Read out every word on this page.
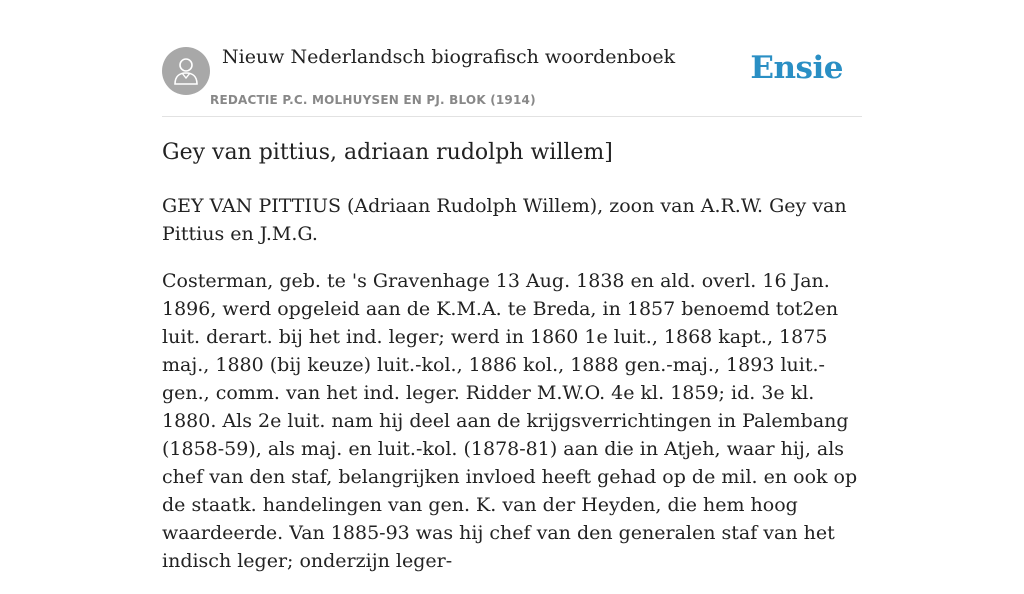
Nieuw Nederlandsch biografisch woordenboek
REDACTIE P.C. MOLHUYSEN EN PJ. BLOK (1914)
Ensie
Gey van pittius, adriaan rudolph willem]

GEY VAN PITTIUS (Adriaan Rudolph Willem), zoon van A.R.W. Gey van Pittius en J.M.G.

Costerman, geb. te 's Gravenhage 13 Aug. 1838 en ald. overl. 16 Jan. 1896, werd opgeleid aan de K.M.A. te Breda, in 1857 benoemd tot2en luit. derart. bij het ind. leger; werd in 1860 1e luit., 1868 kapt., 1875 maj., 1880 (bij keuze) luit.-kol., 1886 kol., 1888 gen.-maj., 1893 luit.-gen., comm. van het ind. leger. Ridder M.W.O. 4e kl. 1859; id. 3e kl. 1880. Als 2e luit. nam hij deel aan de krijgsverrichtingen in Palembang (1858-59), als maj. en luit.-kol. (1878-81) aan die in Atjeh, waar hij, als chef van den staf, belangrijken invloed heeft gehad op de mil. en ook op de staatk. handelingen van gen. K. van der Heyden, die hem hoog waardeerde. Van 1885-93 was hij chef van den generalen staf van het indisch leger; onderzijn leger-
